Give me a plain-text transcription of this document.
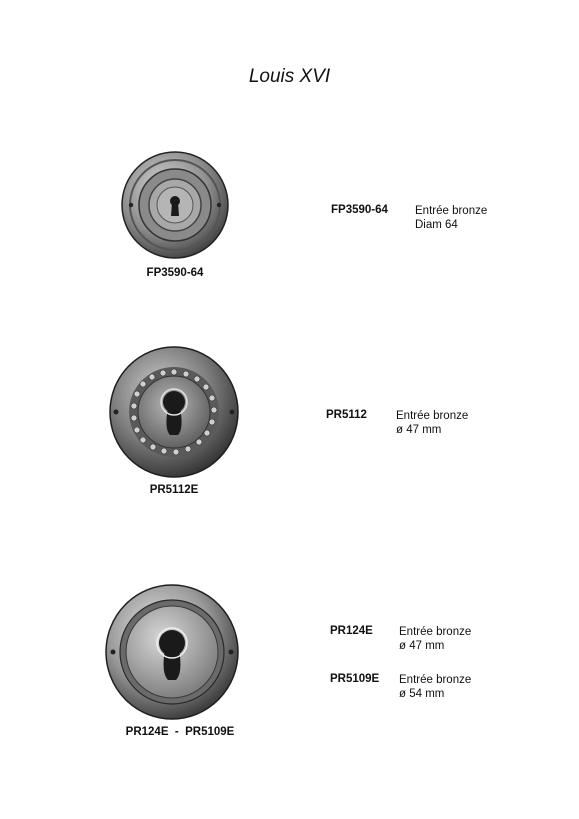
Louis XVI
FP3590-64
FP3590-64 Entrée bronze
Diam 64
PR5112E
PR5112	Entrée bronze
ø 47 mm
PR124E  -  PR5109E
PR124E Entrée bronze
ø 47 mm
PR5109E Entrée bronze
ø 54 mm
